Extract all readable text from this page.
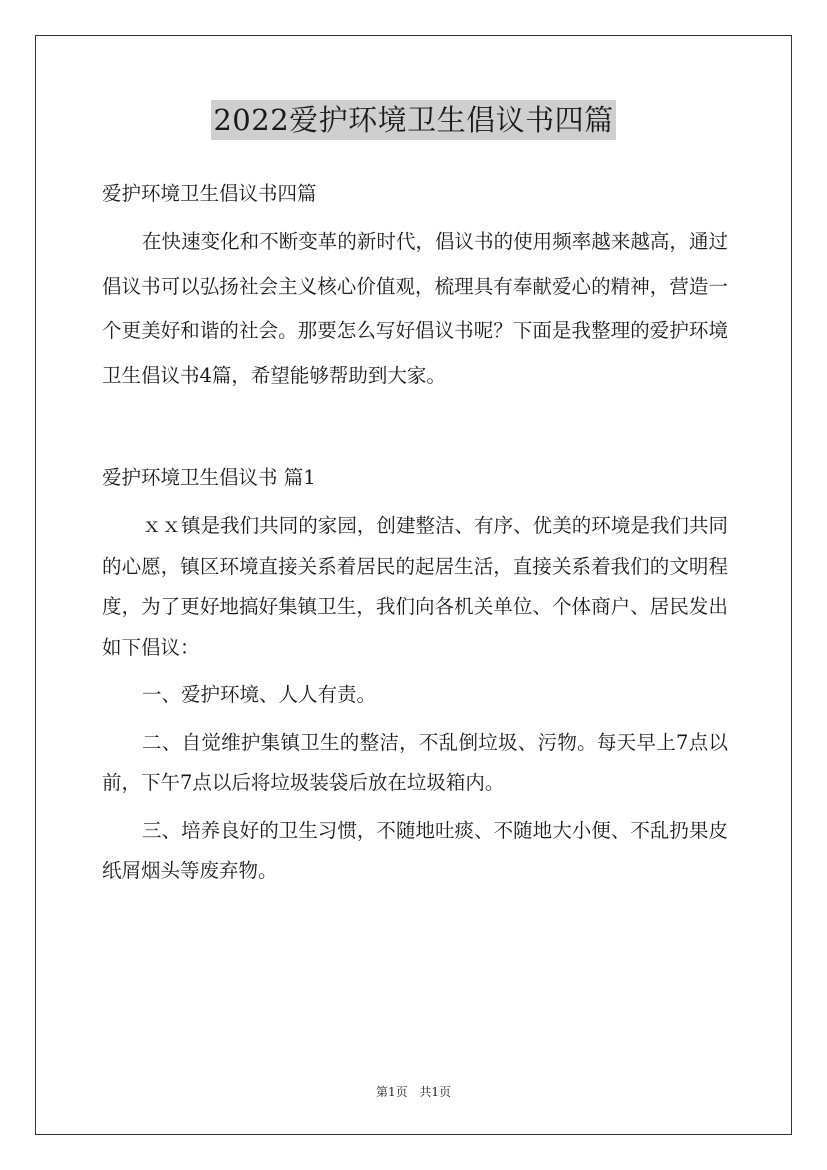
2022爱护环境卫生倡议书四篇

爱护环境卫生倡议书四篇

在快速变化和不断变革的新时代，倡议书的使用频率越来越高，通过倡议书可以弘扬社会主义核心价值观，梳理具有奉献爱心的精神，营造一个更美好和谐的社会。那要怎么写好倡议书呢？下面是我整理的爱护环境卫生倡议书4篇，希望能够帮助到大家。

爱护环境卫生倡议书 篇1

ｘｘ镇是我们共同的家园，创建整洁、有序、优美的环境是我们共同的心愿，镇区环境直接关系着居民的起居生活，直接关系着我们的文明程度，为了更好地搞好集镇卫生，我们向各机关单位、个体商户、居民发出如下倡议：

一、爱护环境、人人有责。

二、自觉维护集镇卫生的整洁，不乱倒垃圾、污物。每天早上7点以前，下午7点以后将垃圾装袋后放在垃圾箱内。

三、培养良好的卫生习惯，不随地吐痰、不随地大小便、不乱扔果皮纸屑烟头等废弃物。

第1页 共1页
